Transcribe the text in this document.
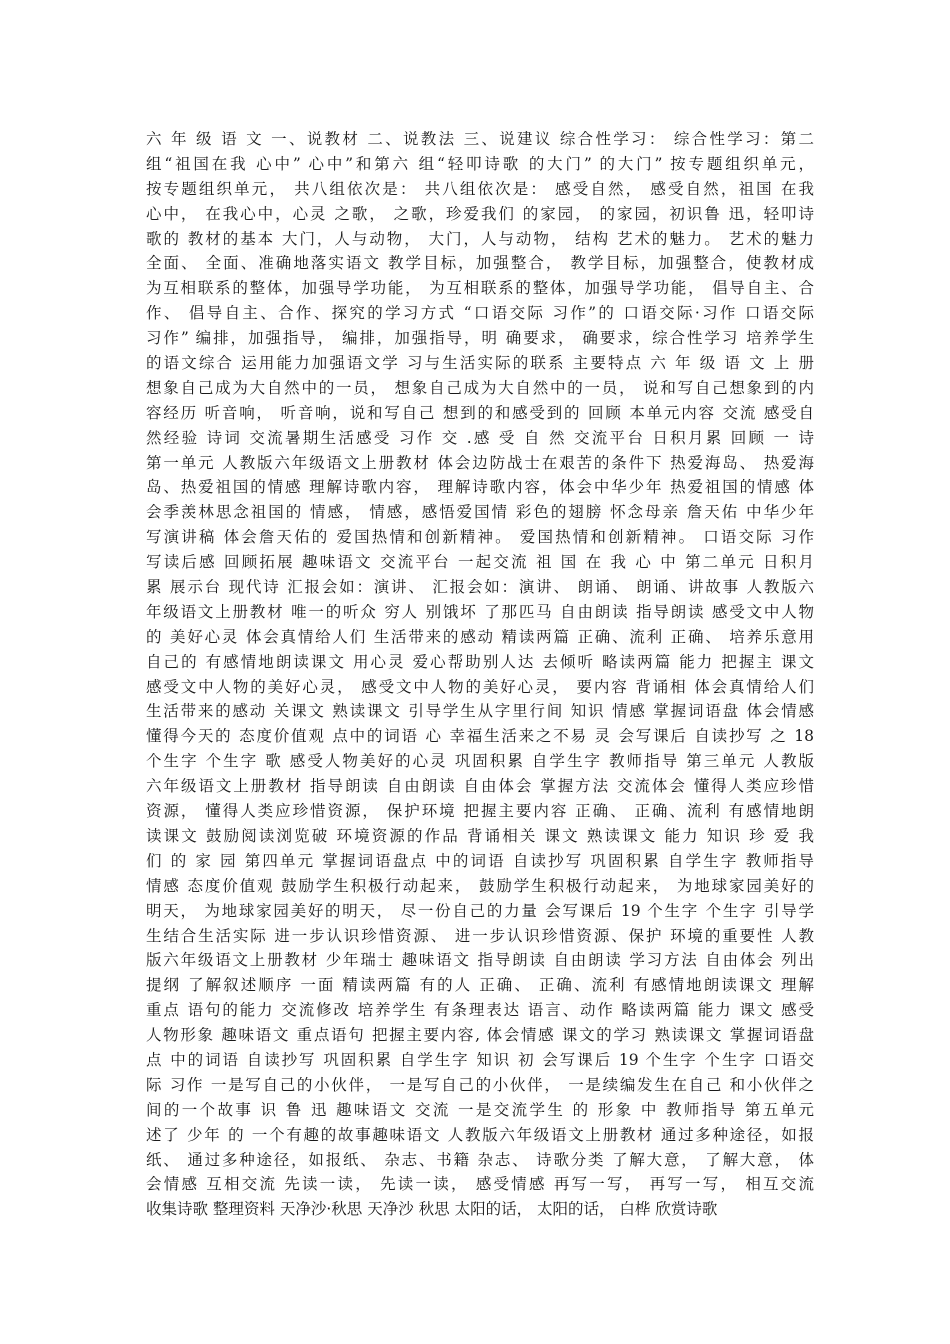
六 年 级 语 文 一、说教材 二、说教法 三、说建议 综合性学习： 综合性学习：第二
组“祖国在我 心中” 心中”和第六 组“轻叩诗歌 的大门” 的大门” 按专题组织单元，
按专题组织单元， 共八组依次是： 共八组依次是： 感受自然， 感受自然，祖国 在我
心中， 在我心中，心灵 之歌， 之歌，珍爱我们 的家园， 的家园，初识鲁 迅，轻叩诗
歌的 教材的基本 大门，人与动物， 大门，人与动物， 结构 艺术的魅力。 艺术的魅力
全面、 全面、准确地落实语文 教学目标，加强整合， 教学目标，加强整合，使教材成
为互相联系的整体，加强导学功能， 为互相联系的整体，加强导学功能， 倡导自主、合
作、 倡导自主、合作、探究的学习方式 “口语交际 习作”的 口语交际·习作 口语交际
习作” 编排，加强指导， 编排，加强指导，明 确要求， 确要求，综合性学习 培养学生
的语文综合 运用能力加强语文学 习与生活实际的联系 主要特点 六 年 级 语 文 上 册
想象自己成为大自然中的一员， 想象自己成为大自然中的一员， 说和写自己想象到的内
容经历 听音响， 听音响，说和写自己 想到的和感受到的 回顾 本单元内容 交流 感受自
然经验 诗词 交流暑期生活感受 习作 交 .感 受 自 然 交流平台 日积月累 回顾 一 诗
第一单元 人教版六年级语文上册教材 体会边防战士在艰苦的条件下 热爱海岛、 热爱海
岛、热爱祖国的情感 理解诗歌内容， 理解诗歌内容，体会中华少年 热爱祖国的情感 体
会季羡林思念祖国的 情感， 情感，感悟爱国情 彩色的翅膀 怀念母亲 詹天佑 中华少年
写演讲稿 体会詹天佑的 爱国热情和创新精神。 爱国热情和创新精神。 口语交际 习作
写读后感 回顾拓展 趣味语文 交流平台 一起交流 祖 国 在 我 心 中 第二单元 日积月
累 展示台 现代诗 汇报会如：演讲、 汇报会如：演讲、 朗诵、 朗诵、讲故事 人教版六
年级语文上册教材 唯一的听众 穷人 别饿坏 了那匹马 自由朗读 指导朗读 感受文中人物
的 美好心灵 体会真情给人们 生活带来的感动 精读两篇 正确、流利 正确、 培养乐意用
自己的 有感情地朗读课文 用心灵 爱心帮助别人达 去倾听 略读两篇 能力 把握主 课文
感受文中人物的美好心灵， 感受文中人物的美好心灵， 要内容 背诵相 体会真情给人们
生活带来的感动 关课文 熟读课文 引导学生从字里行间 知识 情感 掌握词语盘 体会情感
懂得今天的 态度价值观 点中的词语 心 幸福生活来之不易 灵 会写课后 自读抄写 之 18
个生字 个生字 歌 感受人物美好的心灵 巩固积累 自学生字 教师指导 第三单元 人教版
六年级语文上册教材 指导朗读 自由朗读 自由体会 掌握方法 交流体会 懂得人类应珍惜
资源， 懂得人类应珍惜资源， 保护环境 把握主要内容 正确、 正确、流利 有感情地朗
读课文 鼓励阅读浏览破 环境资源的作品 背诵相关 课文 熟读课文 能力 知识 珍 爱 我
们 的 家 园 第四单元 掌握词语盘点 中的词语 自读抄写 巩固积累 自学生字 教师指导
情感 态度价值观 鼓励学生积极行动起来， 鼓励学生积极行动起来， 为地球家园美好的
明天， 为地球家园美好的明天， 尽一份自己的力量 会写课后 19 个生字 个生字 引导学
生结合生活实际 进一步认识珍惜资源、 进一步认识珍惜资源、保护 环境的重要性 人教
版六年级语文上册教材 少年瑞士 趣味语文 指导朗读 自由朗读 学习方法 自由体会 列出
提纲 了解叙述顺序 一面 精读两篇 有的人 正确、 正确、流利 有感情地朗读课文 理解
重点 语句的能力 交流修改 培养学生 有条理表达 语言、动作 略读两篇 能力 课文 感受
人物形象 趣味语文 重点语句 把握主要内容, 体会情感 课文的学习 熟读课文 掌握词语盘
点 中的词语 自读抄写 巩固积累 自学生字 知识 初 会写课后 19 个生字 个生字 口语交
际 习作 一是写自己的小伙伴， 一是写自己的小伙伴， 一是续编发生在自己 和小伙伴之
间的一个故事 识 鲁 迅 趣味语文 交流 一是交流学生 的 形象 中 教师指导 第五单元
述了 少年 的 一个有趣的故事趣味语文 人教版六年级语文上册教材 通过多种途径，如报
纸、 通过多种途径，如报纸、 杂志、书籍 杂志、 诗歌分类 了解大意， 了解大意， 体
会情感 互相交流 先读一读， 先读一读， 感受情感 再写一写， 再写一写， 相互交流
收集诗歌 整理资料 天净沙·秋思 天净沙 秋思 太阳的话， 太阳的话， 白桦 欣赏诗歌
